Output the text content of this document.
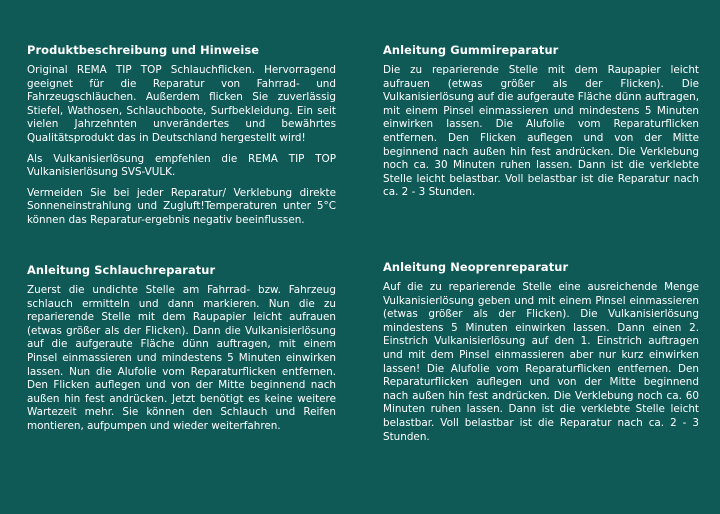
Produktbeschreibung und Hinweise

Original REMA TIP TOP Schlauchflicken. Hervorragend geeignet für die Reparatur von Fahrrad- und Fahrzeugschläuchen. Außerdem flicken Sie zuverlässig Stiefel, Wathosen, Schlauchboote, Surfbekleidung. Ein seit vielen Jahrzehnten unverändertes und bewährtes Qualitätsprodukt das in Deutschland hergestellt wird!

Als Vulkanisierlösung empfehlen die REMA TIP TOP Vulkanisierlösung SVS-VULK.

Vermeiden Sie bei jeder Reparatur/ Verklebung direkte Sonneneinstrahlung und Zugluft!Temperaturen unter 5°C können das Reparatur-ergebnis negativ beeinflussen.

Anleitung Schlauchreparatur

Zuerst die undichte Stelle am Fahrrad- bzw. Fahrzeug schlauch ermitteln und dann markieren. Nun die zu reparierende Stelle mit dem Raupapier leicht aufrauen (etwas größer als der Flicken). Dann die Vulkanisierlösung auf die aufgeraute Fläche dünn auftragen, mit einem Pinsel einmassieren und mindestens 5 Minuten einwirken lassen. Nun die Alufolie vom Reparaturflicken entfernen. Den Flicken auflegen und von der Mitte beginnend nach außen hin fest andrücken. Jetzt benötigt es keine weitere Wartezeit mehr. Sie können den Schlauch und Reifen montieren, aufpumpen und wieder weiterfahren.

Anleitung Gummireparatur

Die zu reparierende Stelle mit dem Raupapier leicht aufrauen (etwas größer als der Flicken). Die Vulkanisierlösung auf die aufgeraute Fläche dünn auftragen, mit einem Pinsel einmassieren und mindestens 5 Minuten einwirken lassen. Die Alufolie vom Reparaturflicken entfernen. Den Flicken auflegen und von der Mitte beginnend nach außen hin fest andrücken. Die Verklebung noch ca. 30 Minuten ruhen lassen. Dann ist die verklebte Stelle leicht belastbar. Voll belastbar ist die Reparatur nach ca. 2 - 3 Stunden.

Anleitung Neoprenreparatur

Auf die zu reparierende Stelle eine ausreichende Menge Vulkanisierlösung geben und mit einem Pinsel einmassieren (etwas größer als der Flicken). Die Vulkanisierlösung mindestens 5 Minuten einwirken lassen. Dann einen 2. Einstrich Vulkanisierlösung auf den 1. Einstrich auftragen und mit dem Pinsel einmassieren aber nur kurz einwirken lassen! Die Alufolie vom Reparaturflicken entfernen. Den Reparaturflicken auflegen und von der Mitte beginnend nach außen hin fest andrücken. Die Verklebung noch ca. 60 Minuten ruhen lassen. Dann ist die verklebte Stelle leicht belastbar. Voll belastbar ist die Reparatur nach ca. 2 - 3 Stunden.
